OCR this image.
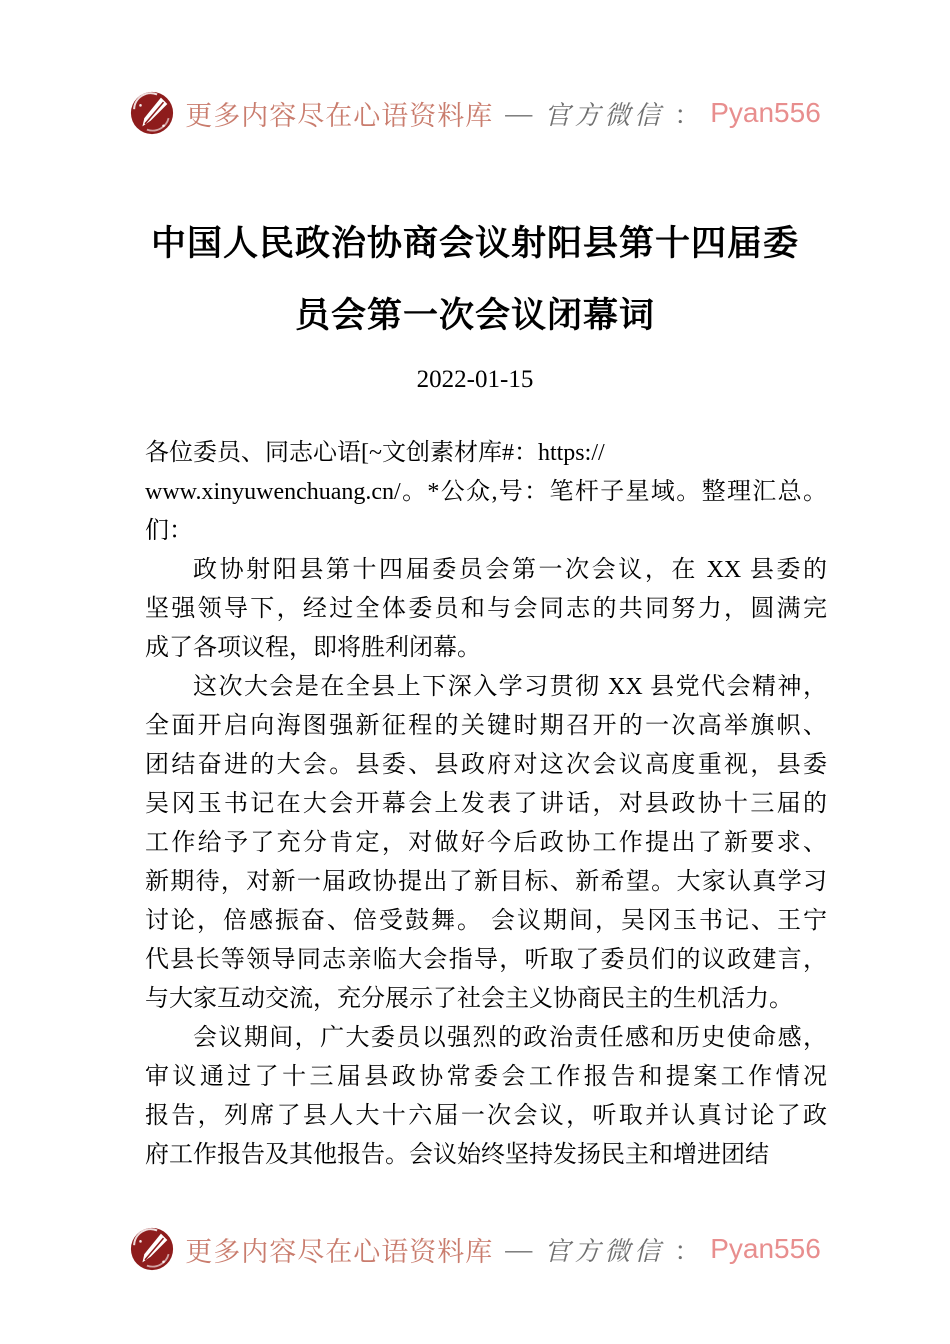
更多内容尽在心语资料库 — 官方微信 ： Pyan556
中国人民政治协商会议射阳县第十四届委
员会第一次会议闭幕词
2022-01-15
各位委员、同志心语[~文创素材库#：https://
www.xinyuwenchuang.cn/。*公众,号：笔杆子星域。整理汇总。
们：
政协射阳县第十四届委员会第一次会议，在 XX 县委的
坚强领导下，经过全体委员和与会同志的共同努力，圆满完
成了各项议程，即将胜利闭幕。
这次大会是在全县上下深入学习贯彻 XX 县党代会精神，
全面开启向海图强新征程的关键时期召开的一次高举旗帜、
团结奋进的大会。县委、县政府对这次会议高度重视，县委
吴冈玉书记在大会开幕会上发表了讲话，对县政协十三届的
工作给予了充分肯定，对做好今后政协工作提出了新要求、
新期待，对新一届政协提出了新目标、新希望。大家认真学习
讨论，倍感振奋、倍受鼓舞。 会议期间，吴冈玉书记、王宁
代县长等领导同志亲临大会指导，听取了委员们的议政建言，
与大家互动交流，充分展示了社会主义协商民主的生机活力。
会议期间，广大委员以强烈的政治责任感和历史使命感，
审议通过了十三届县政协常委会工作报告和提案工作情况
报告，列席了县人大十六届一次会议，听取并认真讨论了政
府工作报告及其他报告。会议始终坚持发扬民主和增进团结
更多内容尽在心语资料库 — 官方微信 ： Pyan556
